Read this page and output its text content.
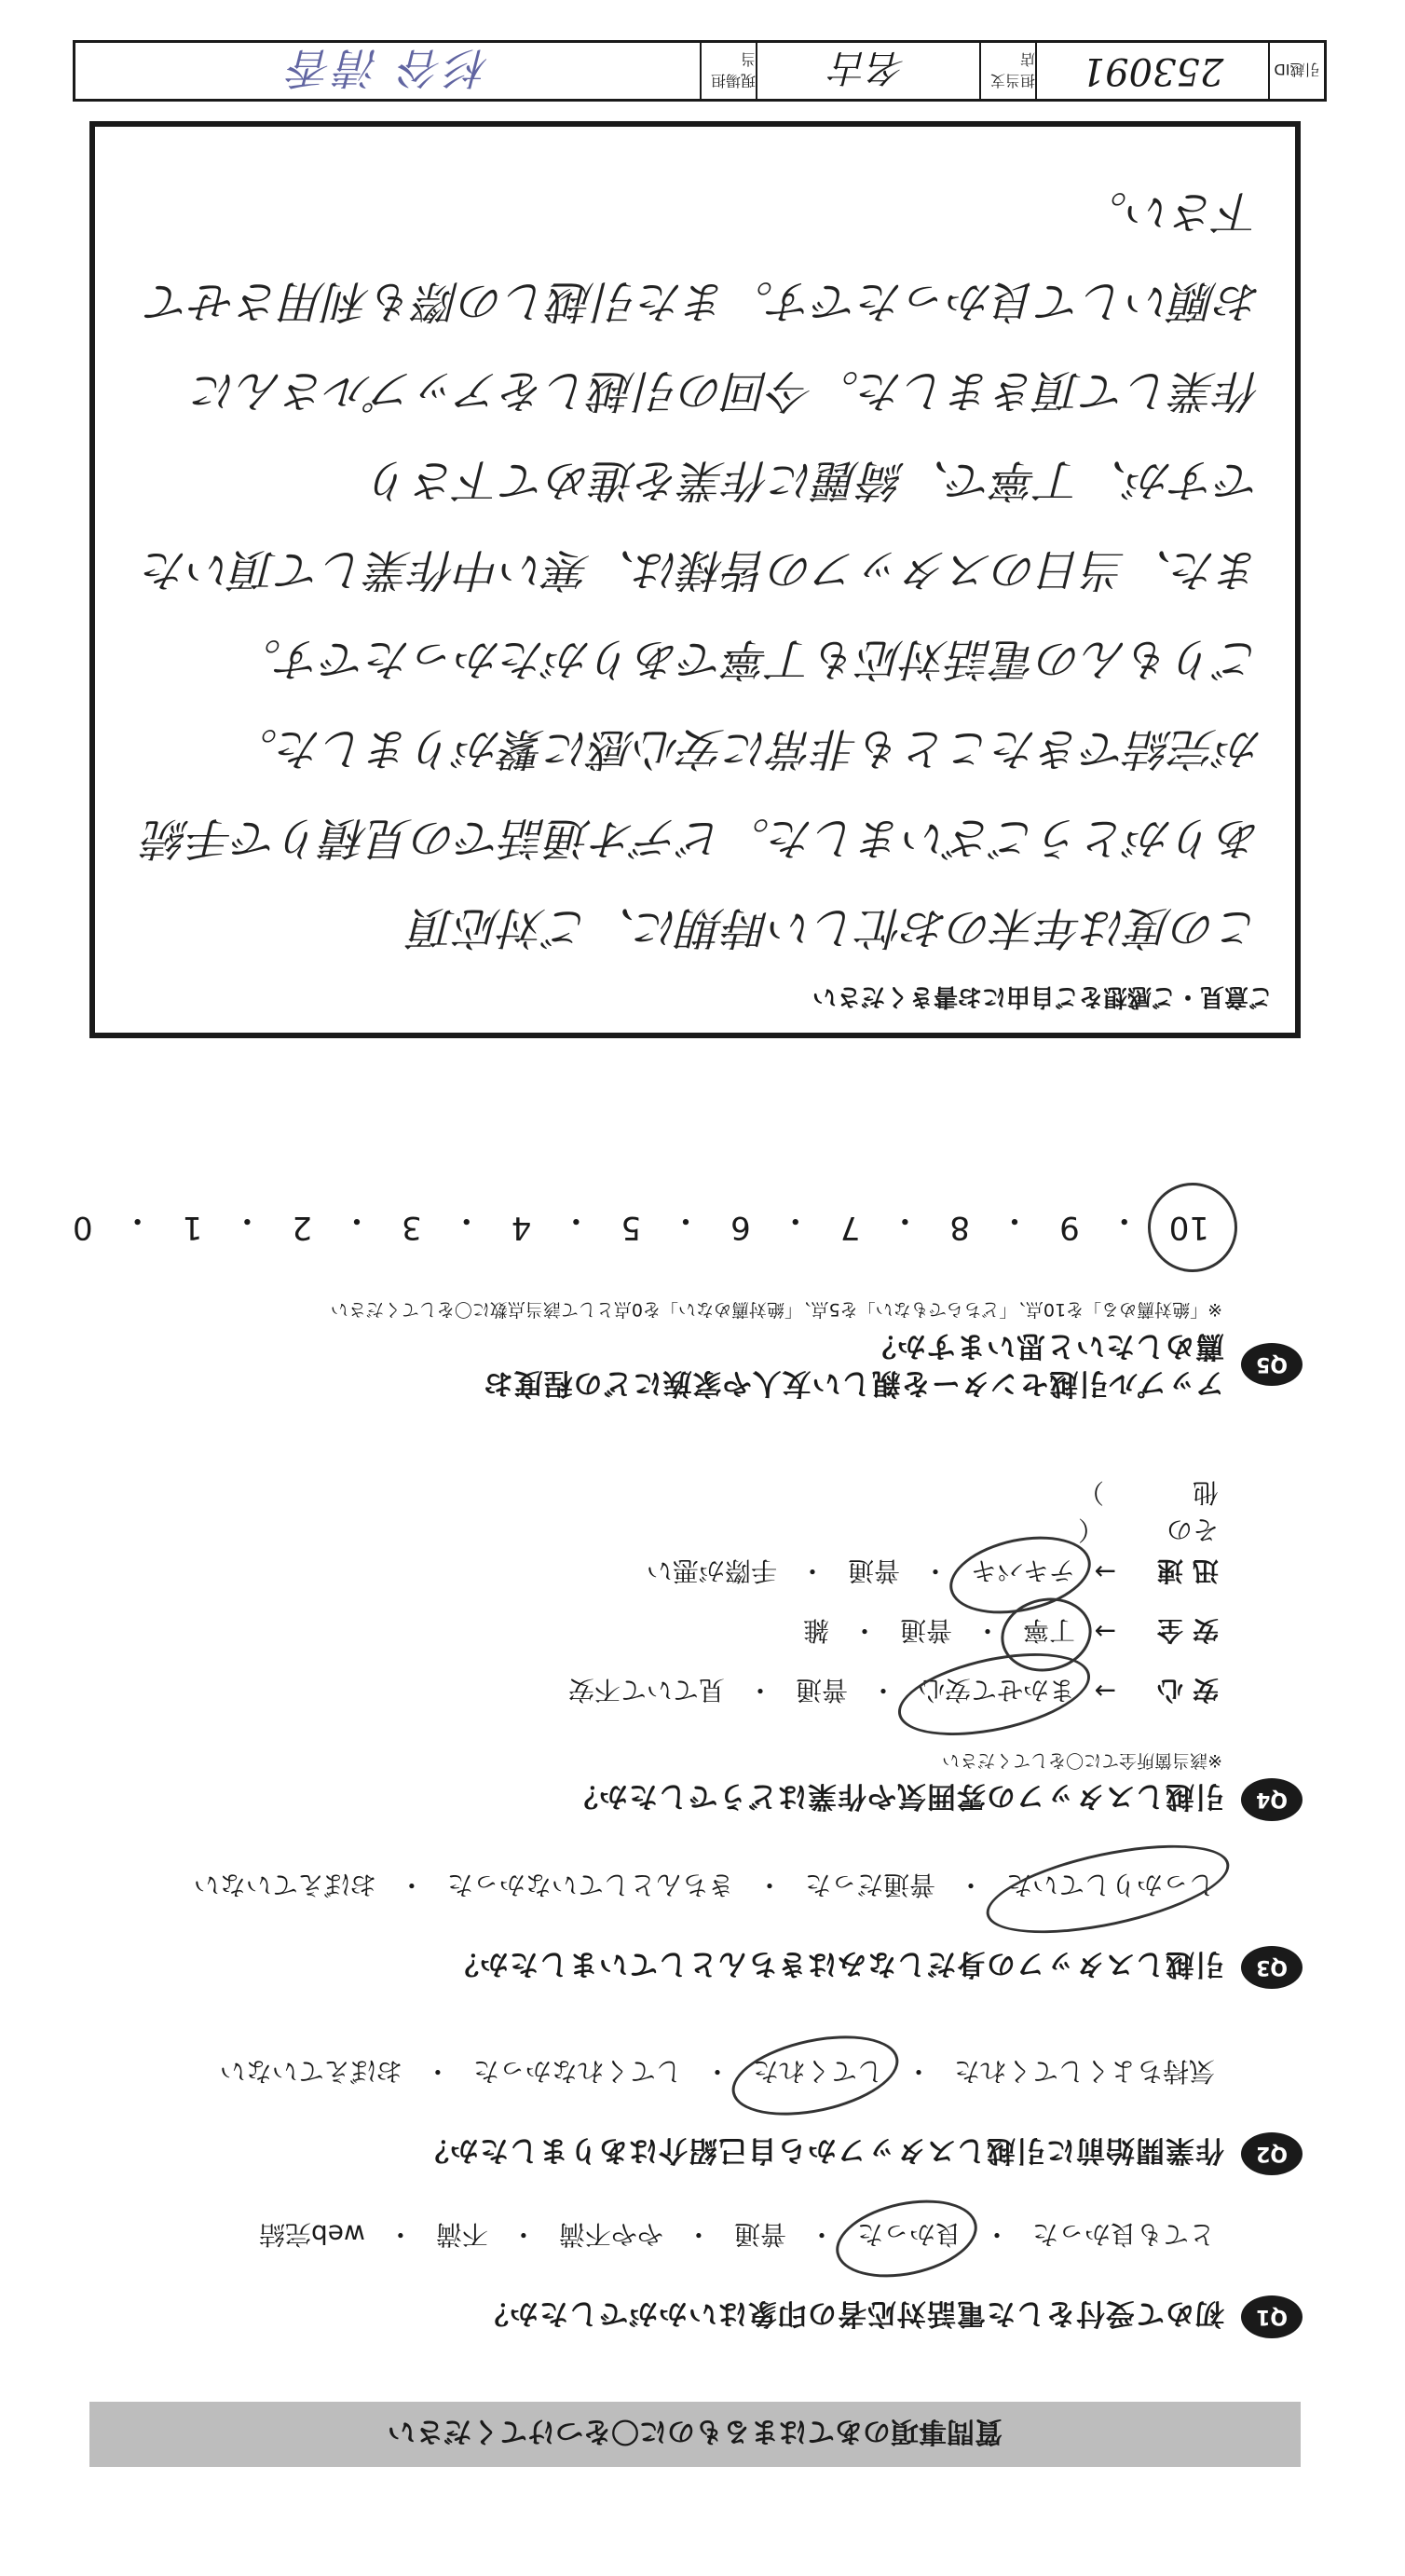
質問事項のあてはまるものに〇をつけてください
Q1
初めて受付をした電話対応者の印象はいかがでしたか？
とても良かった
・
良かった
・
普通
・
やや不満
・
不満
・
web完結
Q2
作業開始前に引越しスタッフから自己紹介はありましたか？
気持ちよくしてくれた
・
してくれた
・
してくれなかった
・
おぼえていない
Q3
引越しスタッフの身だしなみはきちんとしていましたか？
しっかりしていた
・
普通だった
・
きちんとしていなかった
・
おぼえていない
Q4
引越しスタッフの雰囲気や作業はどうでしたか？
※該当箇所全てに〇をしてください
安心
→
まかせて安心
・
普通
・
見ていて不安
安全
→
丁寧
・
普通
・
雑
迅速
→
テキパキ
・
普通
・
手際が悪い
その他
（）
Q5
アップル引越センターを親しい友人や家族にどの程度お薦めしたいと思いますか？
※「絶対薦める」を10点、「どちらでもない」を5点、「絶対薦めない」を0点として該当点数に〇をしてください
10
・
9
・
8
・
7
・
6
・
5
・
4
・
3
・
2
・
1
・
0
ご意見・ご感想をご自由にお書きください
この度は年末のお忙しい時期に、ご対応頂
ありがとうございました。ビデオ通話での見積りで手続
が完結できたことも非常に安心感に繋がりました。
ごりもんの電話対応も丁寧でありがたかったです。
また、当日のスタッフの皆様は、寒い中作業して頂いた
ですが、丁寧で、綺麗に作業を進めて下さり
作業して頂きました。今回の引越しをアップルさんに
お願いして良かったです。また引越しの際も利用させて下さい。
引越ID
253091
担当支店
名古
現場担当
杉谷 清香
